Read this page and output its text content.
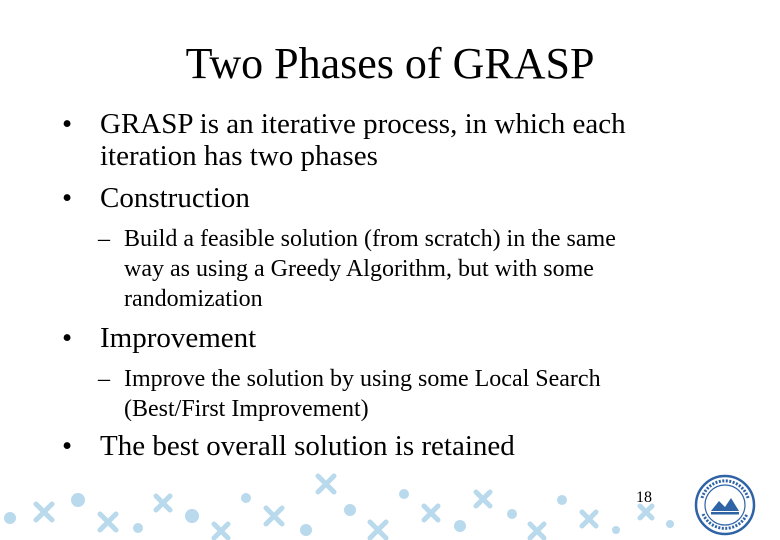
Two Phases of GRASP
• GRASP is an iterative process, in which each
iteration has two phases
• Construction
– Build a feasible solution (from scratch) in the same
way as using a Greedy Algorithm, but with some
randomization
• Improvement
– Improve the solution by using some Local Search
(Best/First Improvement)
• The best overall solution is retained
18
